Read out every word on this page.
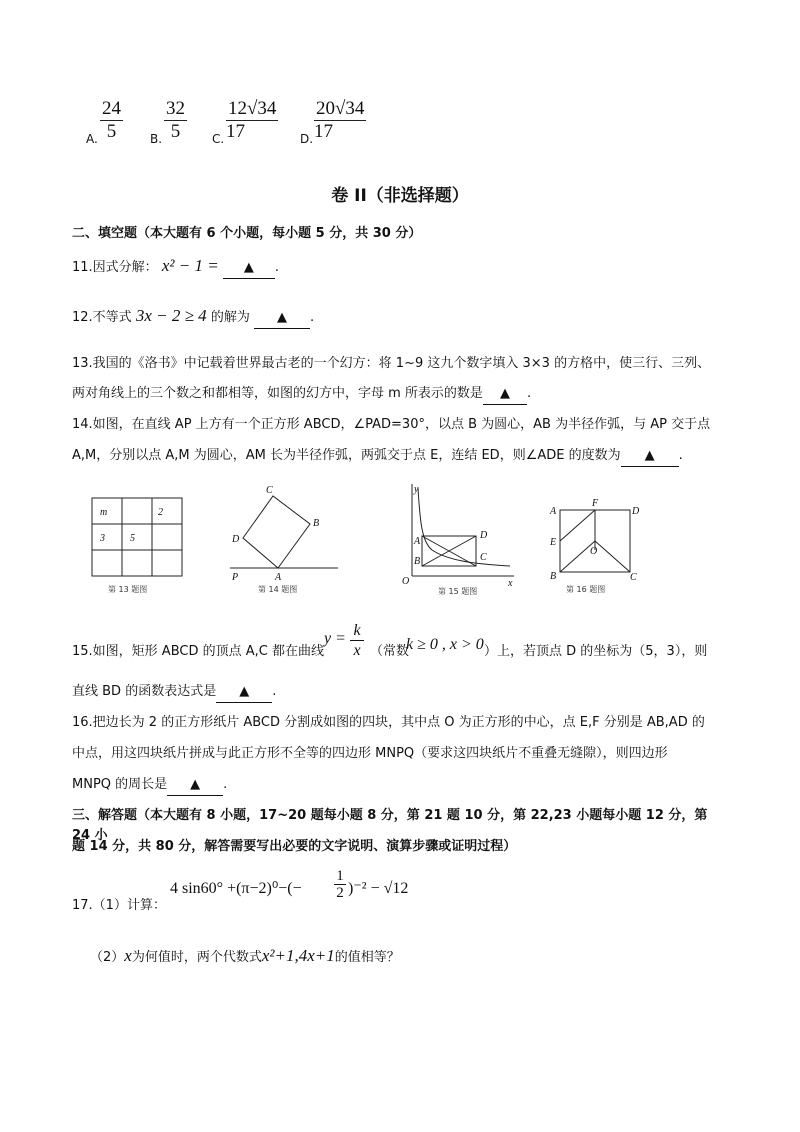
A. $\frac{24}{5} B$. $\frac{32}{5} C$. $\frac{12√34}{17} D$. $\frac{20√34}{17}$
卷 II（非选择题）
二、填空题（本大题有 6 个小题，每小题 5 分，共 30 分）
11.因式分解： x² − 1 = ▲ .
12.不等式 3x − 2 ≥ 4 的解为 ▲ .
13.我国的《洛书》中记载着世界最古老的一个幻方：将 1~9 这九个数字填入 3×3 的方格中，使三行、三列、
两对角线上的三个数之和都相等，如图的幻方中，字母 m 所表示的数是 ▲ .
14.如图，在直线 AP 上方有一个正方形 ABCD，∠PAD=30°，以点 B 为圆心，AB 为半径作弧，与 AP 交于点
A,M，分别以点 A,M 为圆心，AM 长为半径作弧，两弧交于点 E，连结 ED，则∠ADE 的度数为 ▲ .
m	2
3	5
第 13 题图
C
B
D
P	A
第 14 题图
y
A
D
B	C
O	x
第 15 题图
A
F
D
E
O
B	C
第 16 题图
15.如图，矩形 ABCD 的顶点 A,C 都在曲线
k
y =
x （常数
k ≥ 0 , x > 0 ）上，若顶点 D 的坐标为（5，3），则
直线 BD 的函数表达式是 ▲ .
16.把边长为 2 的正方形纸片 ABCD 分割成如图的四块，其中点 O 为正方形的中心，点 E,F 分别是 AB,AD 的
中点，用这四块纸片拼成与此正方形不全等的四边形 MNPQ（要求这四块纸片不重叠无缝隙），则四边形
MNPQ 的周长是 ▲ .
三、解答题（本大题有 8 小题，17~20 题每小题 8 分，第 21 题 10 分，第 22,23 小题每小题 12 分，第 24 小
题 14 分，共 80 分，解答需要写出必要的文字说明、演算步骤或证明过程）
17.（1）计算：
4 $\sin 60^\circ +(\pi-2)^0-(- \frac{1}{2} )^{-2} - √12$
（2）x为何值时，两个代数式x²+1,4x+1的值相等？
